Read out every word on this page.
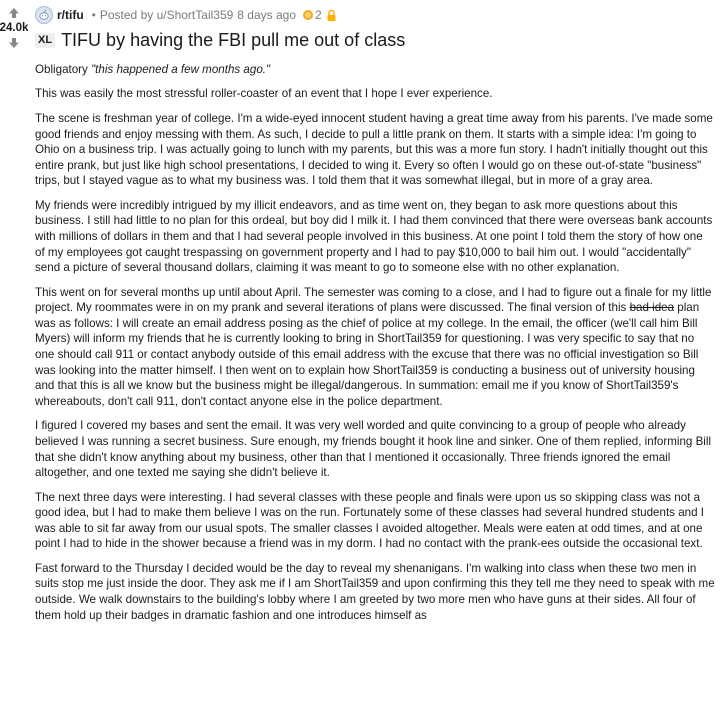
24.0k
r/tifu • Posted by u/ShortTail359 8 days ago 2
XL TIFU by having the FBI pull me out of class

Obligatory "this happened a few months ago."

This was easily the most stressful roller-coaster of an event that I hope I ever experience.

The scene is freshman year of college. I'm a wide-eyed innocent student having a great time away from his parents. I've made some good friends and enjoy messing with them. As such, I decide to pull a little prank on them. It starts with a simple idea: I'm going to Ohio on a business trip. I was actually going to lunch with my parents, but this was a more fun story. I hadn't initially thought out this entire prank, but just like high school presentations, I decided to wing it. Every so often I would go on these out-of-state "business" trips, but I stayed vague as to what my business was. I told them that it was somewhat illegal, but in more of a gray area.

My friends were incredibly intrigued by my illicit endeavors, and as time went on, they began to ask more questions about this business. I still had little to no plan for this ordeal, but boy did I milk it. I had them convinced that there were overseas bank accounts with millions of dollars in them and that I had several people involved in this business. At one point I told them the story of how one of my employees got caught trespassing on government property and I had to pay $10,000 to bail him out. I would "accidentally" send a picture of several thousand dollars, claiming it was meant to go to someone else with no other explanation.

This went on for several months up until about April. The semester was coming to a close, and I had to figure out a finale for my little project. My roommates were in on my prank and several iterations of plans were discussed. The final version of this bad idea plan was as follows: I will create an email address posing as the chief of police at my college. In the email, the officer (we'll call him Bill Myers) will inform my friends that he is currently looking to bring in ShortTail359 for questioning. I was very specific to say that no one should call 911 or contact anybody outside of this email address with the excuse that there was no official investigation so Bill was looking into the matter himself. I then went on to explain how ShortTail359 is conducting a business out of university housing and that this is all we know but the business might be illegal/dangerous. In summation: email me if you know of ShortTail359's whereabouts, don't call 911, don't contact anyone else in the police department.

I figured I covered my bases and sent the email. It was very well worded and quite convincing to a group of people who already believed I was running a secret business. Sure enough, my friends bought it hook line and sinker. One of them replied, informing Bill that she didn't know anything about my business, other than that I mentioned it occasionally. Three friends ignored the email altogether, and one texted me saying she didn't believe it.

The next three days were interesting. I had several classes with these people and finals were upon us so skipping class was not a good idea, but I had to make them believe I was on the run. Fortunately some of these classes had several hundred students and I was able to sit far away from our usual spots. The smaller classes I avoided altogether. Meals were eaten at odd times, and at one point I had to hide in the shower because a friend was in my dorm. I had no contact with the prank-ees outside the occasional text.

Fast forward to the Thursday I decided would be the day to reveal my shenanigans. I'm walking into class when these two men in suits stop me just inside the door. They ask me if I am ShortTail359 and upon confirming this they tell me they need to speak with me outside. We walk downstairs to the building's lobby where I am greeted by two more men who have guns at their sides. All four of them hold up their badges in dramatic fashion and one introduces himself as
